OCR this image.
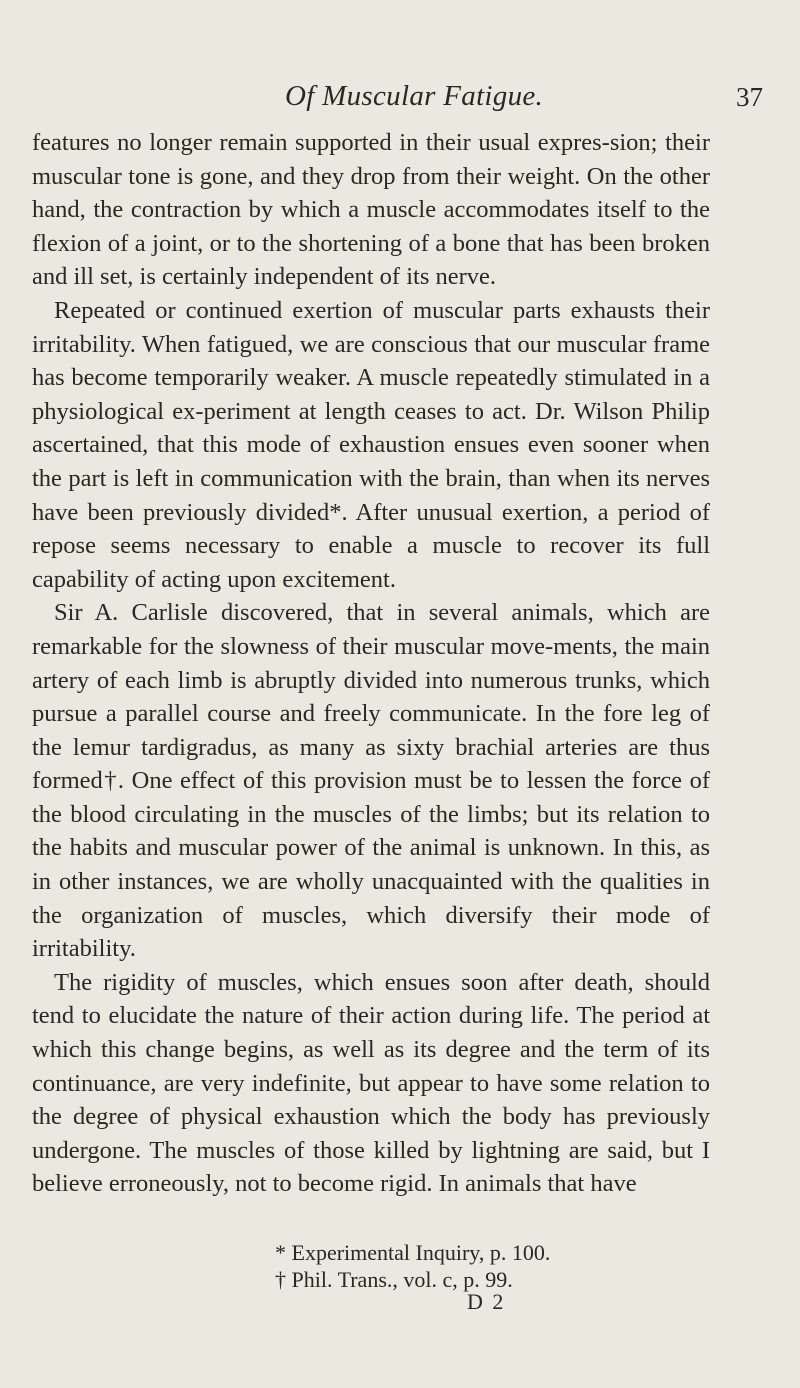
Of Muscular Fatigue.	37

features no longer remain supported in their usual expres-sion; their muscular tone is gone, and they drop from their weight. On the other hand, the contraction by which a muscle accommodates itself to the flexion of a joint, or to the shortening of a bone that has been broken and ill set, is certainly independent of its nerve.

Repeated or continued exertion of muscular parts exhausts their irritability. When fatigued, we are conscious that our muscular frame has become temporarily weaker. A muscle repeatedly stimulated in a physiological ex-periment at length ceases to act. Dr. Wilson Philip ascertained, that this mode of exhaustion ensues even sooner when the part is left in communication with the brain, than when its nerves have been previously divided*. After unusual exertion, a period of repose seems necessary to enable a muscle to recover its full capability of acting upon excitement.

Sir A. Carlisle discovered, that in several animals, which are remarkable for the slowness of their muscular move-ments, the main artery of each limb is abruptly divided into numerous trunks, which pursue a parallel course and freely communicate. In the fore leg of the lemur tardigradus, as many as sixty brachial arteries are thus formed†. One effect of this provision must be to lessen the force of the blood circulating in the muscles of the limbs; but its relation to the habits and muscular power of the animal is unknown. In this, as in other instances, we are wholly unacquainted with the qualities in the organization of muscles, which diversify their mode of irritability.

The rigidity of muscles, which ensues soon after death, should tend to elucidate the nature of their action during life. The period at which this change begins, as well as its degree and the term of its continuance, are very indefinite, but appear to have some relation to the degree of physical exhaustion which the body has previously undergone. The muscles of those killed by lightning are said, but I believe erroneously, not to become rigid. In animals that have

* Experimental Inquiry, p. 100.
† Phil. Trans., vol. c, p. 99.
D 2
